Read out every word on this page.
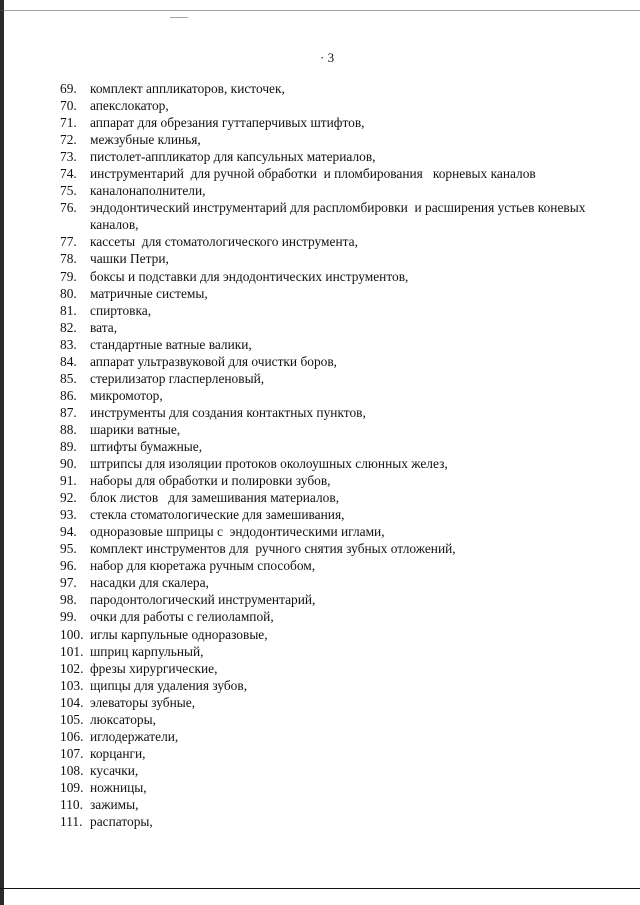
· 3
69. комплект аппликаторов, кисточек,
70. апекслокатор,
71. аппарат для обрезания гуттаперчивых штифтов,
72. межзубные клинья,
73. пистолет-аппликатор для капсульных материалов,
74. инструментарий  для ручной обработки  и пломбирования   корневых каналов
75. каналонаполнители,
76. эндодонтический инструментарий для распломбировки  и расширения устьев коневых каналов,
77. кассеты  для стоматологического инструмента,
78. чашки Петри,
79. боксы и подставки для эндодонтических инструментов,
80. матричные системы,
81. спиртовка,
82. вата,
83. стандартные ватные валики,
84. аппарат ультразвуковой для очистки боров,
85. стерилизатор гласперленовый,
86. микромотор,
87. инструменты для создания контактных пунктов,
88. шарики ватные,
89. штифты бумажные,
90. штрипсы для изоляции протоков околоушных слюнных желез,
91. наборы для обработки и полировки зубов,
92. блок листов   для замешивания материалов,
93. стекла стоматологические для замешивания,
94. одноразовые шприцы с  эндодонтическими иглами,
95. комплект инструментов для  ручного снятия зубных отложений,
96. набор для кюретажа ручным способом,
97. насадки для скалера,
98. пародонтологический инструментарий,
99. очки для работы с гелиолампой,
100. иглы карпульные одноразовые,
101. шприц карпульный,
102. фрезы хирургические,
103. щипцы для удаления зубов,
104. элеваторы зубные,
105. люксаторы,
106. иглодержатели,
107. корцанги,
108. кусачки,
109. ножницы,
110. зажимы,
111. распаторы,
